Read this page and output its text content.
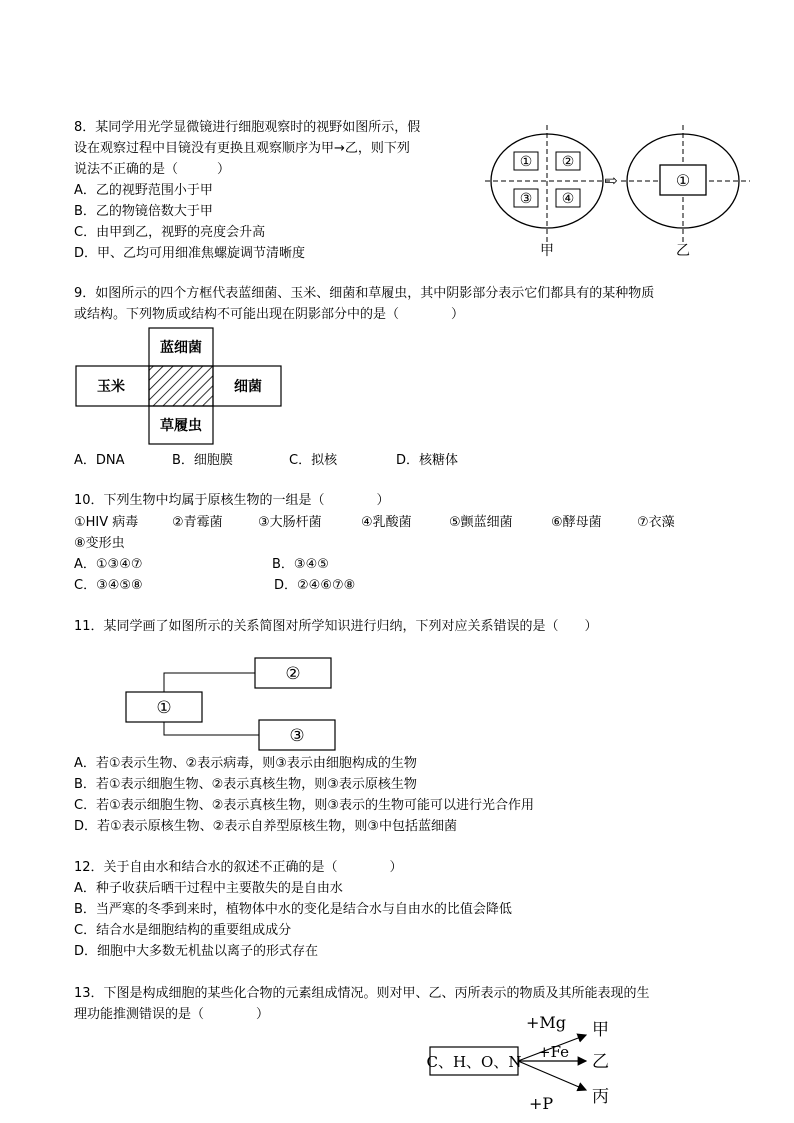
8．某同学用光学显微镜进行细胞观察时的视野如图所示，假
设在观察过程中目镜没有更换且观察顺序为甲→乙，则下列
说法不正确的是（　　　）
A．乙的视野范围小于甲
B．乙的物镜倍数大于甲
C．由甲到乙，视野的亮度会升高
D．甲、乙均可用细准焦螺旋调节清晰度
① ②
③ ④
甲
⇨	①
乙
9．如图所示的四个方框代表蓝细菌、玉米、细菌和草履虫，其中阴影部分表示它们都具有的某种物质
或结构。下列物质或结构不可能出现在阴影部分中的是（　　　　）
蓝细菌
玉米	细菌
草履虫
A．DNA	B．细胞膜	C．拟核	D．核糖体
10．下列生物中均属于原核生物的一组是（　　　　）
①HIV 病毒	②青霉菌	③大肠杆菌	④乳酸菌	⑤颤蓝细菌	⑥酵母菌	⑦衣藻
⑧变形虫
A．①③④⑦	B．③④⑤
C．③④⑤⑧	D．②④⑥⑦⑧
11．某同学画了如图所示的关系简图对所学知识进行归纳，下列对应关系错误的是（　　）
①
②
③
A．若①表示生物、②表示病毒，则③表示由细胞构成的生物
B．若①表示细胞生物、②表示真核生物，则③表示原核生物
C．若①表示细胞生物、②表示真核生物，则③表示的生物可能可以进行光合作用
D．若①表示原核生物、②表示自养型原核生物，则③中包括蓝细菌
12．关于自由水和结合水的叙述不正确的是（　　　　）
A．种子收获后晒干过程中主要散失的是自由水
B．当严寒的冬季到来时，植物体中水的变化是结合水与自由水的比值会降低
C．结合水是细胞结构的重要组成成分
D．细胞中大多数无机盐以离子的形式存在
13．下图是构成细胞的某些化合物的元素组成情况。则对甲、乙、丙所表示的物质及其所能表现的生
理功能推测错误的是（　　　　）
C、H、O、N
+Mg
+Fe
+P
甲
乙
丙
